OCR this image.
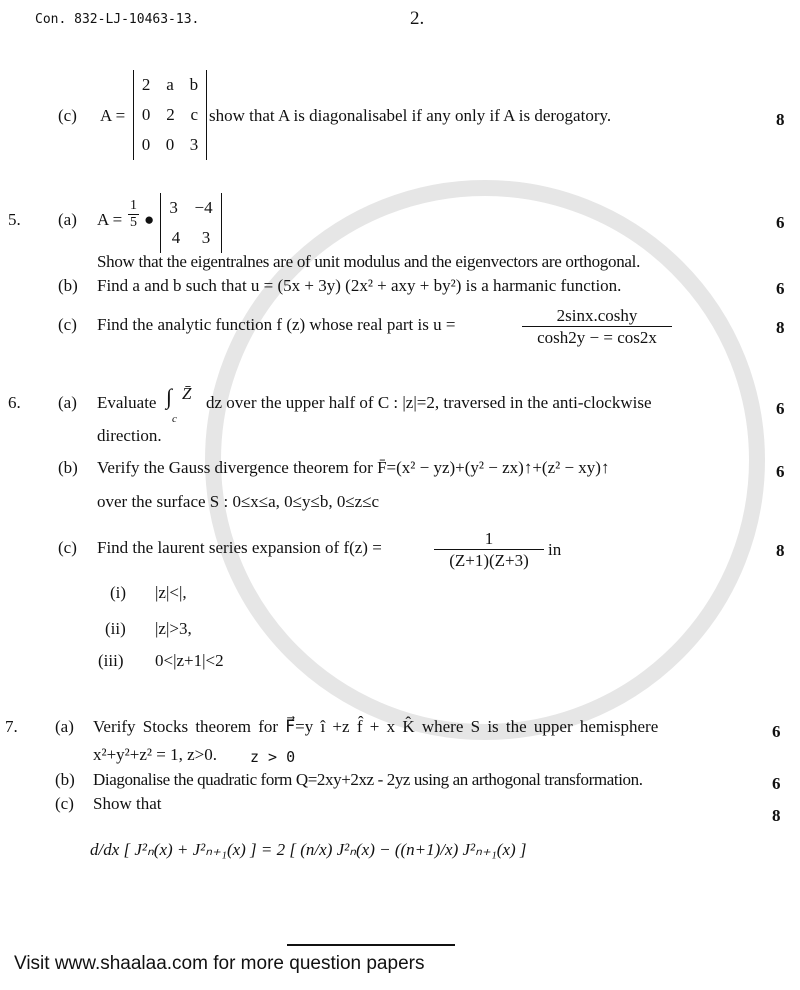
Con. 832-LJ-10463-13.	2.
(c) A =
2 a b
0 2 c
0 0 3
show that A is diagonalisabel if any only if A is derogatory.	8
5. (a) $A = \frac{1}{5}$ ●
3 −4
4 3
6
Show that the eigentralnes are of unit modulus and the eigenvectors are orthogonal.
(b) Find a and b such that u = (5x + 3y) (2x² + axy + by²) is a harmanic function.	6
(c) Find the analytic function f (z) whose real part is u =	$\frac{2\sin x.\cosh y}{\cosh 2y - = \cos 2x}$	8
6. (a) Evaluate ∫ Z̄
c
dz over the upper half of C : |z|=2, traversed in the anti-clockwise
direction.
6
(b) Verify the Gauss divergence theorem for F̄=(x² − yz)+(y² − zx)↑+(z² − xy)↑
over the surface S : 0≤x≤a, 0≤y≤b, 0≤z≤c
6
(c) Find the laurent series expansion of f(z) =	$\frac{1}{(Z+1)(Z+3)}$ in	8
(i) |z|<|,
(ii) |z|>3,
(iii) 0<|z+1|<2
7. (a) Verify Stocks theorem for F⃗=y î +z f̂ + x K̂ where S is the upper hemisphere	6
x²+y²+z² = 1, z>0. z > 0
(b) Diagonalise the quadratic form Q=2xy+2xz - 2yz using an arthogonal transformation.	6
(c) Show that
8
d/dx [ J²ₙ(x) + J²ₙ₊₁(x) ] = 2 [ (n/x) J²ₙ(x) − ((n+1)/x) J²ₙ₊₁(x) ]
Visit www.shaalaa.com for more question papers
